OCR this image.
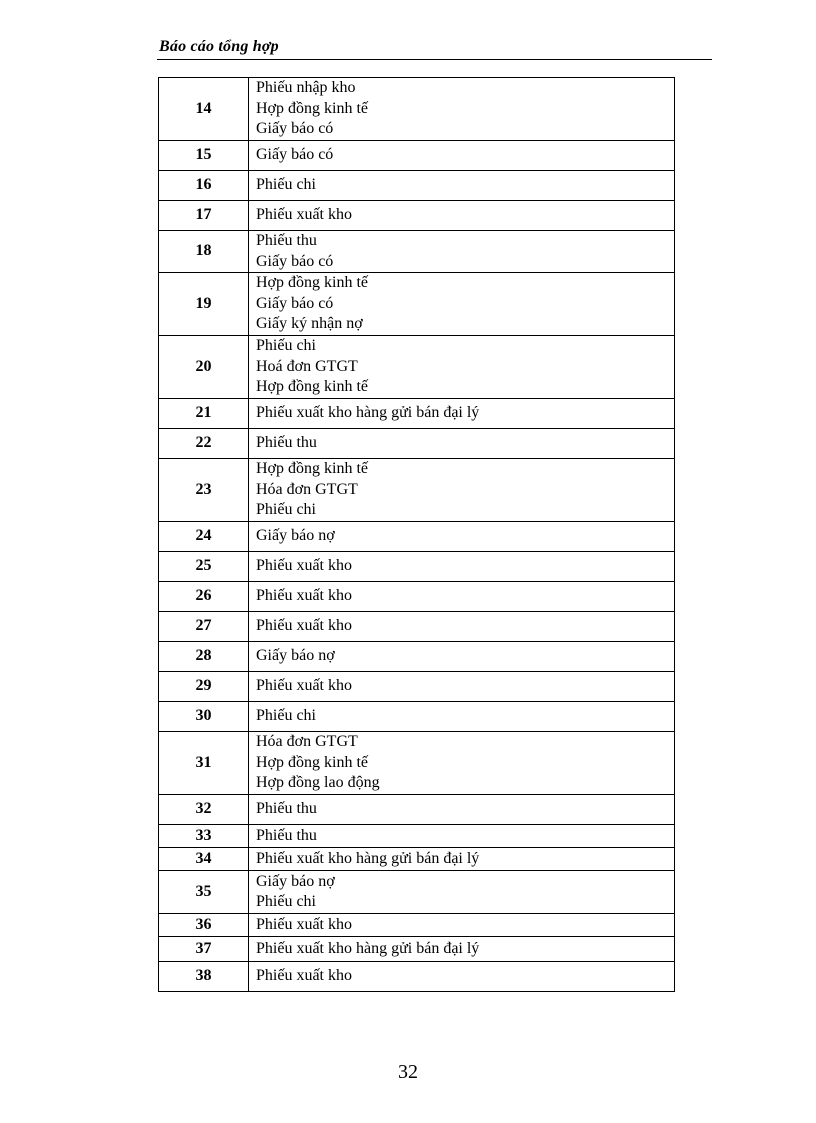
Báo cáo tổng hợp
14	Phiếu nhập kho
Hợp đồng kinh tế
Giấy báo có

15	Giấy báo có

16	Phiếu chi

17	Phiếu xuất kho

18	Phiếu thu
Giấy báo có

19	Hợp đồng kinh tế
Giấy báo có
Giấy ký nhận nợ

20	Phiếu chi
Hoá đơn GTGT
Hợp đồng kinh tế

21	Phiếu xuất kho hàng gửi bán đại lý

22	Phiếu thu

23	Hợp đồng kinh tế
Hóa đơn GTGT
Phiếu chi

24	Giấy báo nợ

25	Phiếu xuất kho

26	Phiếu xuất kho

27	Phiếu xuất kho

28	Giấy báo nợ

29	Phiếu xuất kho

30	Phiếu chi

31	Hóa đơn GTGT
Hợp đồng kinh tế
Hợp đồng lao động

32	Phiếu thu

33	Phiếu thu

34	Phiếu xuất kho hàng gửi bán đại lý

35	Giấy báo nợ
Phiếu chi

36	Phiếu xuất kho

37	Phiếu xuất kho hàng gửi bán đại lý

38	Phiếu xuất kho
32
